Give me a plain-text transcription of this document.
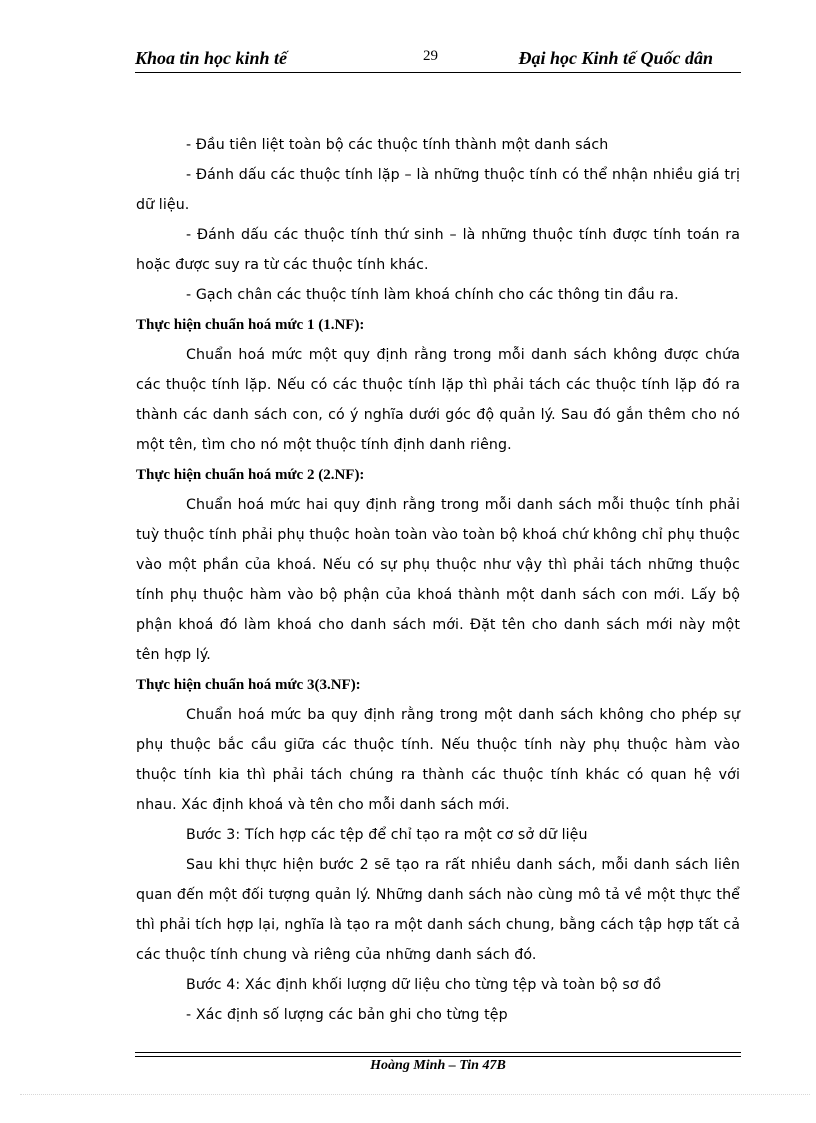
Khoa tin học kinh tế	29	Đại học Kinh tế Quốc dân

- Đầu tiên liệt toàn bộ các thuộc tính thành một danh sách

- Đánh dấu các thuộc tính lặp – là những thuộc tính có thể nhận nhiều giá trị dữ liệu.

- Đánh dấu các thuộc tính thứ sinh – là những thuộc tính được tính toán ra hoặc được suy ra từ các thuộc tính khác.

- Gạch chân các thuộc tính làm khoá chính cho các thông tin đầu ra.

Thực hiện chuẩn hoá mức 1 (1.NF):

Chuẩn hoá mức một quy định rằng trong mỗi danh sách không được chứa các thuộc tính lặp. Nếu có các thuộc tính lặp thì phải tách các thuộc tính lặp đó ra thành các danh sách con, có ý nghĩa dưới góc độ quản lý. Sau đó gắn thêm cho nó một tên, tìm cho nó một thuộc tính định danh riêng.

Thực hiện chuẩn hoá mức 2 (2.NF):

Chuẩn hoá mức hai quy định rằng trong mỗi danh sách mỗi thuộc tính phải tuỳ thuộc tính phải phụ thuộc hoàn toàn vào toàn bộ khoá chứ không chỉ phụ thuộc vào một phần của khoá. Nếu có sự phụ thuộc như vậy thì phải tách những thuộc tính phụ thuộc hàm vào bộ phận của khoá thành một danh sách con mới. Lấy bộ phận khoá đó làm khoá cho danh sách mới. Đặt tên cho danh sách mới này một tên hợp lý.

Thực hiện chuẩn hoá mức 3(3.NF):

Chuẩn hoá mức ba quy định rằng trong một danh sách không cho phép sự phụ thuộc bắc cầu giữa các thuộc tính. Nếu thuộc tính này phụ thuộc hàm vào thuộc tính kia thì phải tách chúng ra thành các thuộc tính khác có quan hệ với nhau. Xác định khoá và tên cho mỗi danh sách mới.

Bước 3: Tích hợp các tệp để chỉ tạo ra một cơ sở dữ liệu

Sau khi thực hiện bước 2 sẽ tạo ra rất nhiều danh sách, mỗi danh sách liên quan đến một đối tượng quản lý. Những danh sách nào cùng mô tả về một thực thể thì phải tích hợp lại, nghĩa là tạo ra một danh sách chung, bằng cách tập hợp tất cả các thuộc tính chung và riêng của những danh sách đó.

Bước 4: Xác định khối lượng dữ liệu cho từng tệp và toàn bộ sơ đồ

- Xác định số lượng các bản ghi cho từng tệp

Hoàng Minh – Tin 47B
